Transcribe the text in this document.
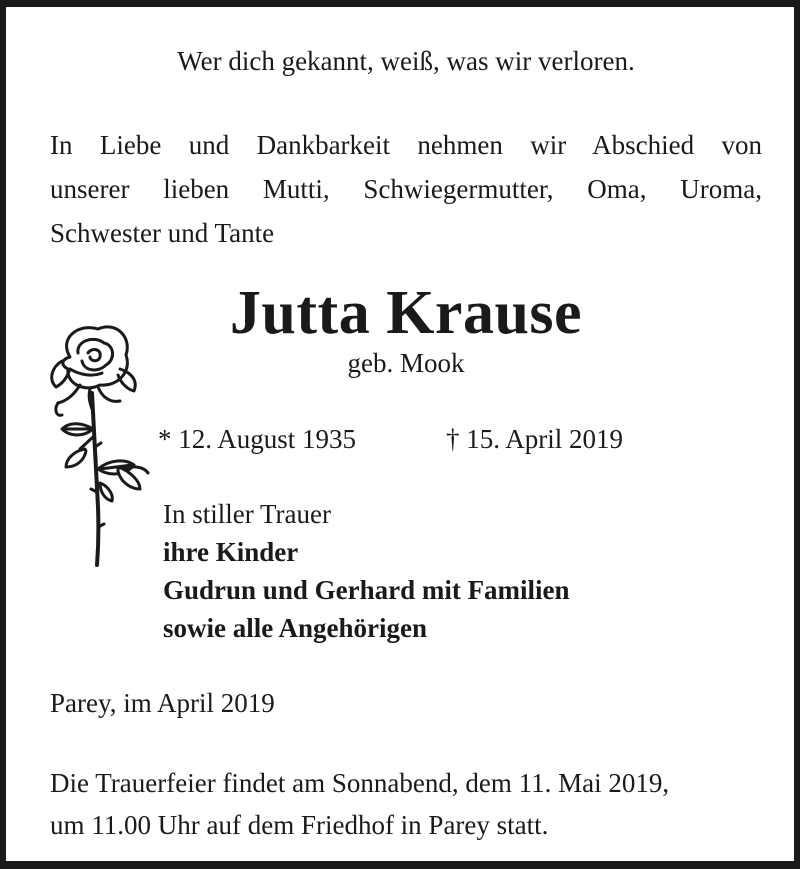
Wer dich gekannt, weiß, was wir verloren.

In Liebe und Dankbarkeit nehmen wir Abschied von
unserer lieben Mutti, Schwiegermutter, Oma, Uroma,
Schwester und Tante

Jutta Krause

geb. Mook

* 12. August 1935	† 15. April 2019

In stiller Trauer

ihre Kinder

Gudrun und Gerhard mit Familien

sowie alle Angehörigen

Parey, im April 2019

Die Trauerfeier findet am Sonnabend, dem 11. Mai 2019,
um 11.00 Uhr auf dem Friedhof in Parey statt.
